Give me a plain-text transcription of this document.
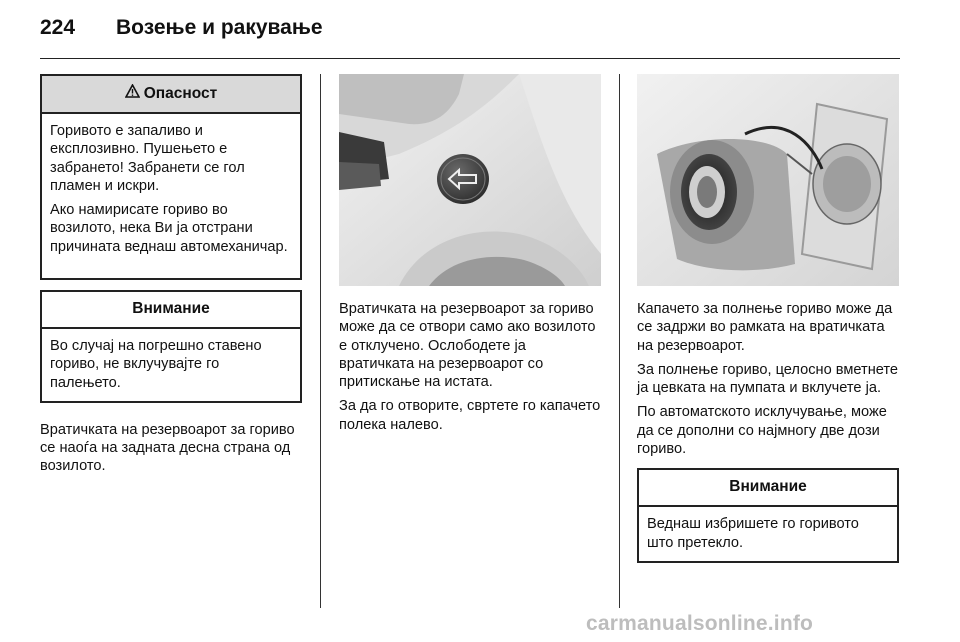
224	Возење и ракување
Опасност

Горивото е запаливо и експлозивно. Пушењето е забрането! Забранети се гол пламен и искри.

Ако намирисате гориво во возилото, нека Ви ја отстрани причината веднаш автомеханичар.

Внимание

Во случај на погрешно ставено гориво, не вклучувајте го палењето.

Вратичката на резервоарот за гориво се наоѓа на задната десна страна од возилото.

Вратичката на резервоарот за гориво може да се отвори само ако возилото е отклучено. Ослободете ја вратичката на резервоарот со притискање на истата.

За да го отворите, свртете го капачето полека налево.

Капачето за полнење гориво може да се задржи во рамката на вратичката на резервоарот.

За полнење гориво, целосно вметнете ја цевката на пумпата и вклучете ја.

По автоматското исклучување, може да се дополни со најмногу две дози гориво.

Внимание

Веднаш избришете го горивото што претекло.

carmanualsonline.info
